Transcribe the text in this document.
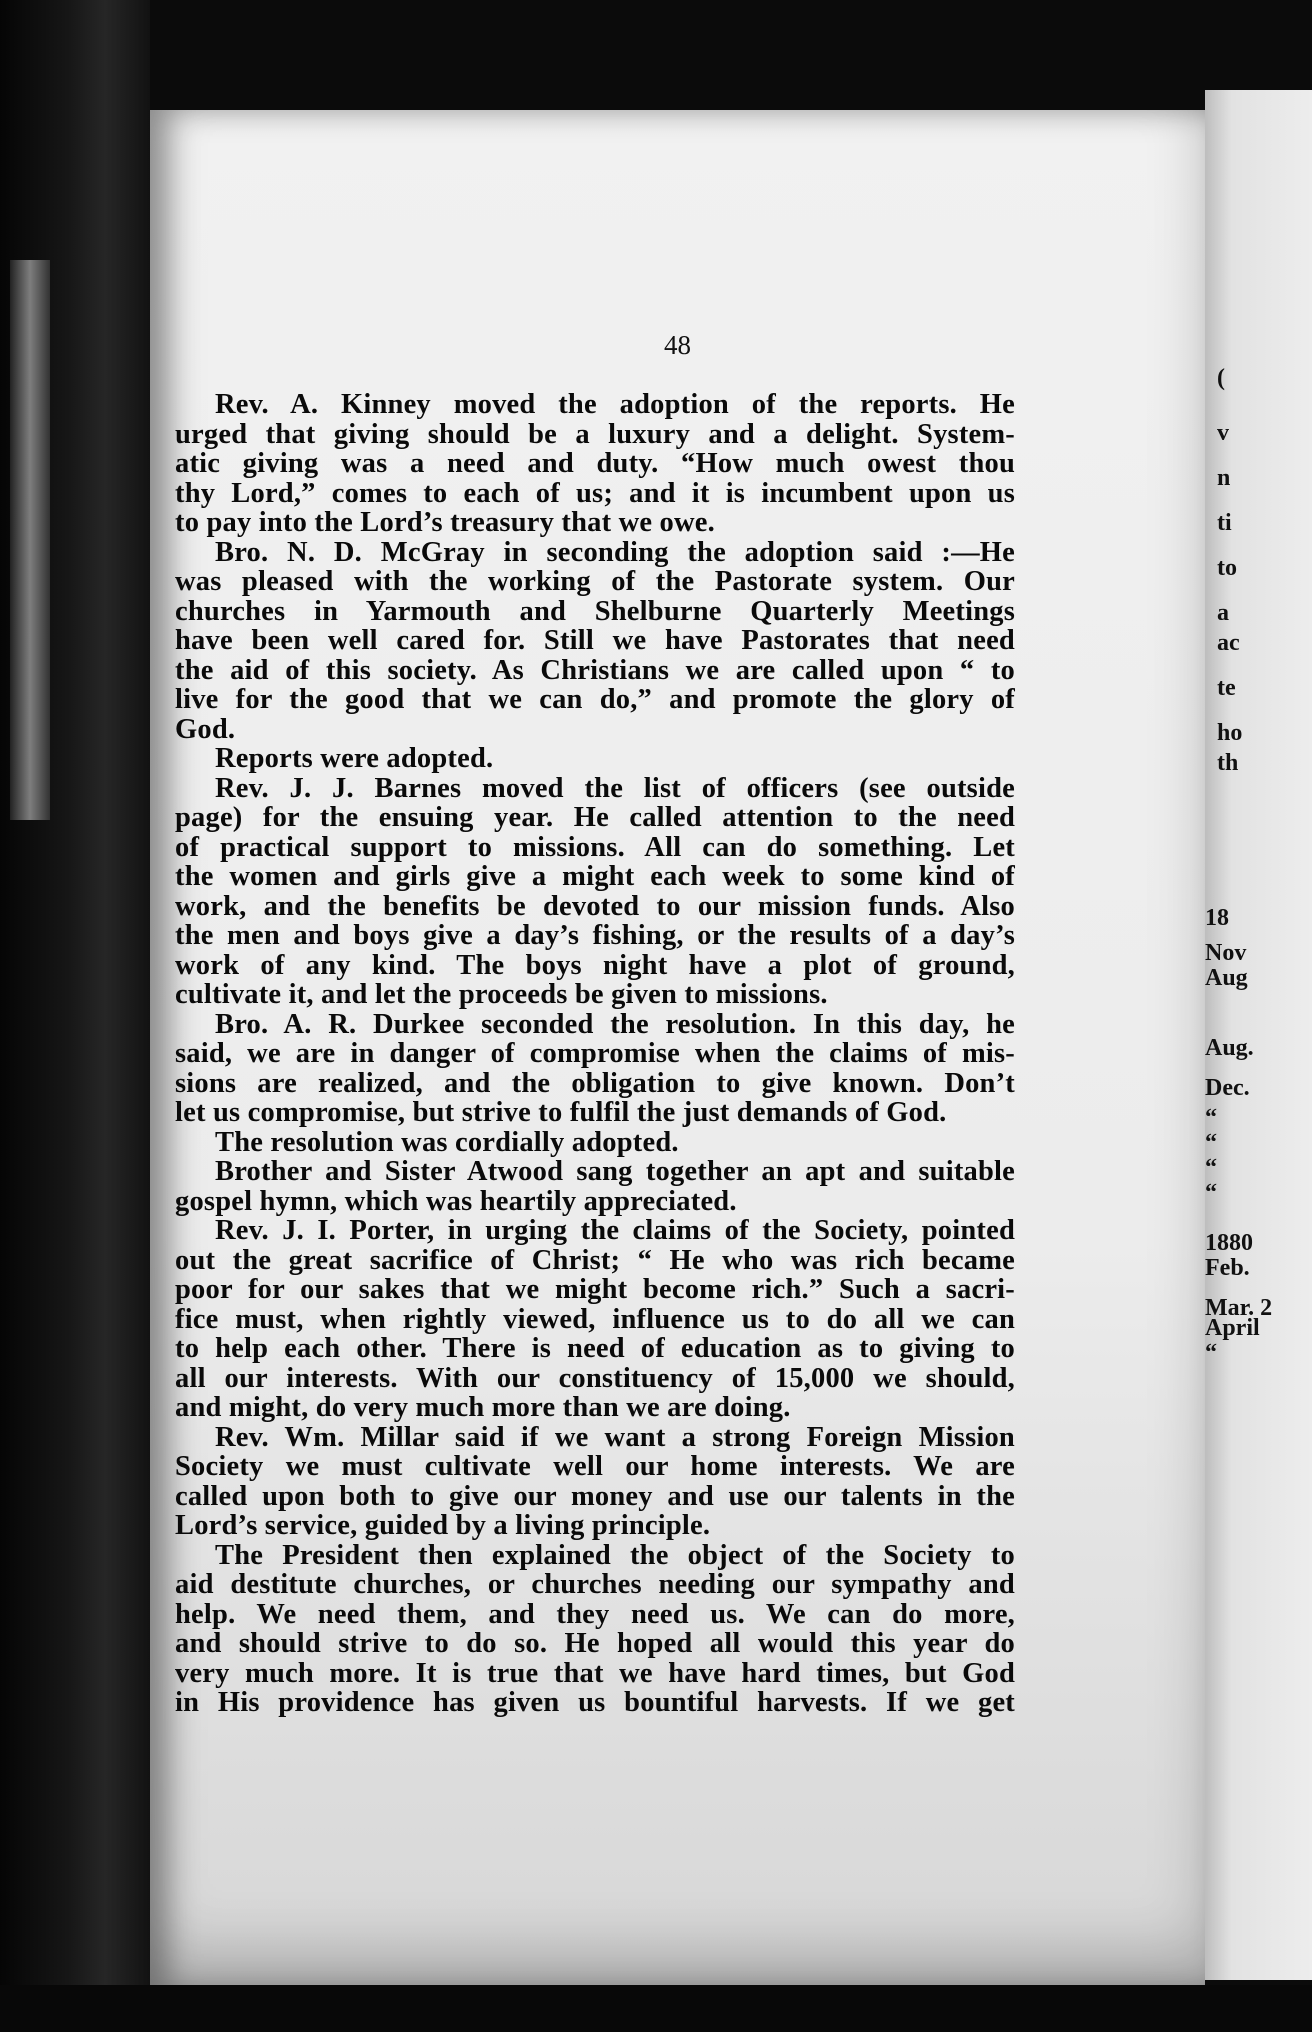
48
Rev. A. Kinney moved the adoption of the reports. He
urged that giving should be a luxury and a delight. System-
atic giving was a need and duty. “How much owest thou
thy Lord,” comes to each of us; and it is incumbent upon us
to pay into the Lord’s treasury that we owe.
Bro. N. D. McGray in seconding the adoption said :—He
was pleased with the working of the Pastorate system. Our
churches in Yarmouth and Shelburne Quarterly Meetings
have been well cared for. Still we have Pastorates that need
the aid of this society. As Christians we are called upon “ to
live for the good that we can do,” and promote the glory of
God.
Reports were adopted.
Rev. J. J. Barnes moved the list of officers (see outside
page) for the ensuing year. He called attention to the need
of practical support to missions. All can do something. Let
the women and girls give a might each week to some kind of
work, and the benefits be devoted to our mission funds. Also
the men and boys give a day’s fishing, or the results of a day’s
work of any kind. The boys night have a plot of ground,
cultivate it, and let the proceeds be given to missions.
Bro. A. R. Durkee seconded the resolution. In this day, he
said, we are in danger of compromise when the claims of mis-
sions are realized, and the obligation to give known. Don’t
let us compromise, but strive to fulfil the just demands of God.
The resolution was cordially adopted.
Brother and Sister Atwood sang together an apt and suitable
gospel hymn, which was heartily appreciated.
Rev. J. I. Porter, in urging the claims of the Society, pointed
out the great sacrifice of Christ; “ He who was rich became
poor for our sakes that we might become rich.” Such a sacri-
fice must, when rightly viewed, influence us to do all we can
to help each other. There is need of education as to giving to
all our interests. With our constituency of 15,000 we should,
and might, do very much more than we are doing.
Rev. Wm. Millar said if we want a strong Foreign Mission
Society we must cultivate well our home interests. We are
called upon both to give our money and use our talents in the
Lord’s service, guided by a living principle.
The President then explained the object of the Society to
aid destitute churches, or churches needing our sympathy and
help. We need them, and they need us. We can do more,
and should strive to do so. He hoped all would this year do
very much more. It is true that we have hard times, but God
in His providence has given us bountiful harvests. If we get
(
v
n
ti
to
a
ac
te
ho
th
18
Nov
Aug
Aug.
Dec.
“
“
“
“
1880
Feb.
Mar. 2
April
“
